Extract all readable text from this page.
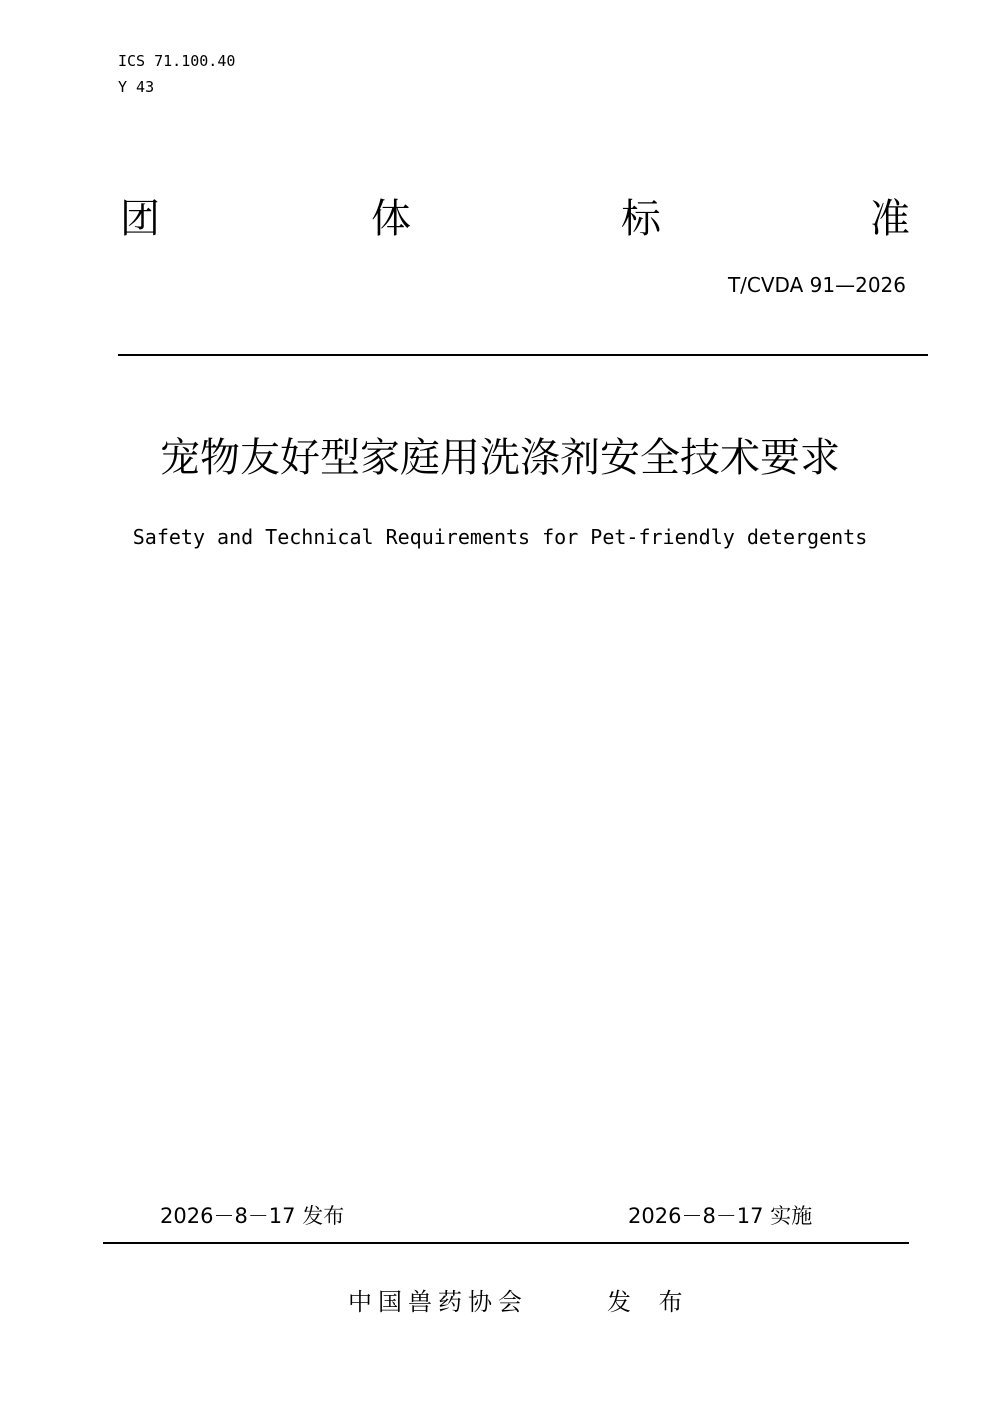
ICS 71.100.40
Y 43
团	体	标	准
T/CVDA 91—2026
宠物友好型家庭用洗涤剂安全技术要求
Safety and Technical Requirements for Pet-friendly detergents
2026－8－17 发布	2026－8－17 实施
中国兽药协会	发 布
